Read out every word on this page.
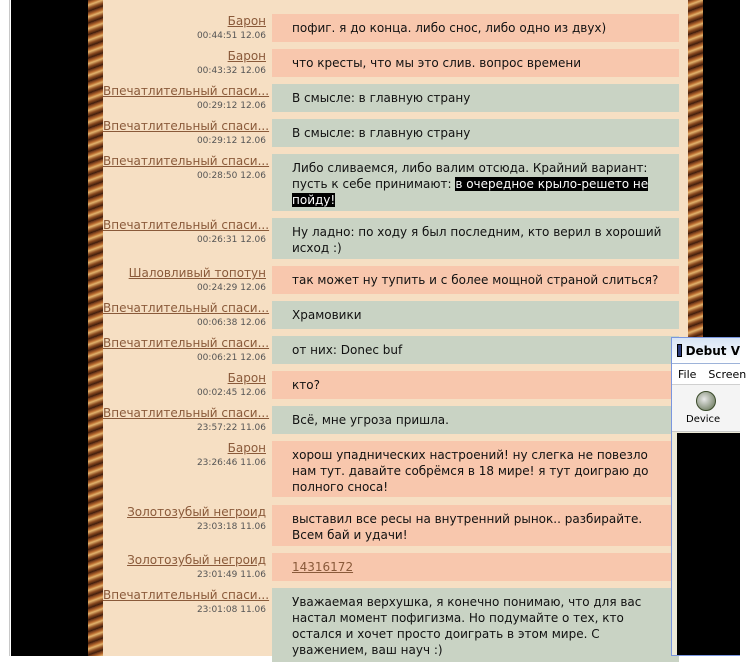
Барон
00:44:51 12.06
пофиг. я до конца. либо снос, либо одно из двух)
Барон
00:43:32 12.06
что кресты, что мы это слив. вопрос времени
Впечатлительный спаси...
00:29:12 12.06
В смысле: в главную страну
Впечатлительный спаси...
00:29:12 12.06
В смысле: в главную страну
Впечатлительный спаси...
00:28:50 12.06
Либо сливаемся, либо валим отсюда. Крайний вариант: пусть к себе принимают: в очередное крыло-решето не пойду!
Впечатлительный спаси...
00:26:31 12.06
Ну ладно: по ходу я был последним, кто верил в хороший исход :)
Шаловливый топотун
00:24:29 12.06
так может ну тупить и с более мощной страной слиться?
Впечатлительный спаси...
00:06:38 12.06
Храмовики
Впечатлительный спаси...
00:06:21 12.06
от них: Donec buf
Барон
00:02:45 12.06
кто?
Впечатлительный спаси...
23:57:22 11.06
Всё, мне угроза пришла.
Барон
23:26:46 11.06
хорош упаднических настроений! ну слегка не повезло нам тут. давайте собрёмся в 18 мире! я тут доиграю до полного сноса!
Золотозубый негроид
23:03:18 11.06
выставил все ресы на внутренний рынок.. разбирайте. Всем бай и удачи!
Золотозубый негроид
23:01:49 11.06
14316172
Впечатлительный спаси...
23:01:08 11.06
Уважаемая верхушка, я конечно понимаю, что для вас настал момент пофигизма. Но подумайте о тех, кто остался и хочет просто доиграть в этом мире. С уважением, ваш науч :)
Debut V
File	Screen
Device
